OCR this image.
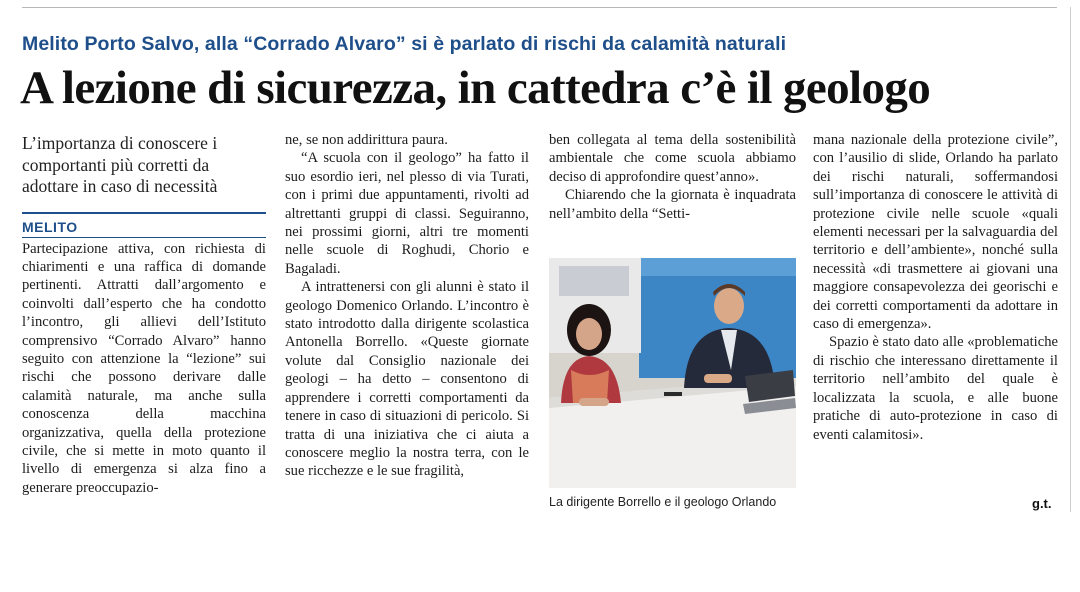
Melito Porto Salvo, alla “Corrado Alvaro” si è parlato di rischi da calamità naturali
A lezione di sicurezza, in cattedra c’è il geologo
L’importanza di conoscere i comportanti più corretti da adottare in caso di necessità
MELITO

Partecipazione attiva, con richiesta di chiarimenti e una raffica di domande pertinenti. Attratti dall’argomento e coinvolti dall’esperto che ha condotto l’incontro, gli allievi dell’Istituto comprensivo “Corrado Alvaro” hanno seguito con attenzione la “lezione” sui rischi che possono derivare dalle calamità naturale, ma anche sulla conoscenza della macchina organizzativa, quella della protezione civile, che si mette in moto quanto il livello di emergenza si alza fino a generare preoccupazio-

ne, se non addirittura paura.

“A scuola con il geologo” ha fatto il suo esordio ieri, nel plesso di via Turati, con i primi due appuntamenti, rivolti ad altrettanti gruppi di classi. Seguiranno, nei prossimi giorni, altri tre momenti nelle scuole di Roghudi, Chorio e Bagaladi.

A intrattenersi con gli alunni è stato il geologo Domenico Orlando. L’incontro è stato introdotto dalla dirigente scolastica Antonella Borrello. «Queste giornate volute dal Consiglio nazionale dei geologi – ha detto – consentono di apprendere i corretti comportamenti da tenere in caso di situazioni di pericolo. Si tratta di una iniziativa che ci aiuta a conoscere meglio la nostra terra, con le sue ricchezze e le sue fragilità,

ben collegata al tema della sostenibilità ambientale che come scuola abbiamo deciso di approfondire quest’anno».

Chiarendo che la giornata è inquadrata nell’ambito della “Setti-

La dirigente Borrello e il geologo Orlando

mana nazionale della protezione civile”, con l’ausilio di slide, Orlando ha parlato dei rischi naturali, soffermandosi sull’importanza di conoscere le attività di protezione civile nelle scuole «quali elementi necessari per la salvaguardia del territorio e dell’ambiente», nonché sulla necessità «di trasmettere ai giovani una maggiore consapevolezza dei georischi e dei corretti comportamenti da adottare in caso di emergenza».

Spazio è stato dato alle «problematiche di rischio che interessano direttamente il territorio nell’ambito del quale è localizzata la scuola, e alle buone pratiche di auto-protezione in caso di eventi calamitosi».

g.t.
